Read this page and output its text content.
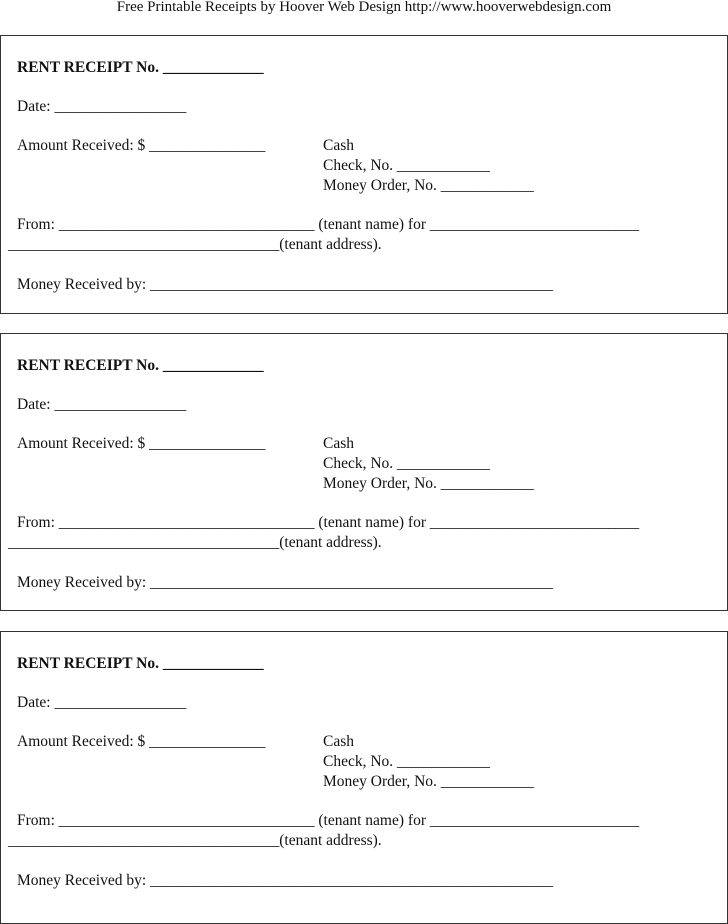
Free Printable Receipts by Hoover Web Design http://www.hooverwebdesign.com
RENT RECEIPT No. _____________
Date: _________________
Amount Received: $ _______________	Cash
Check, No. ____________
Money Order, No. ____________
From: _________________________________ (tenant name) for ___________________________
___________________________________(tenant address).
Money Received by: ____________________________________________________
RENT RECEIPT No. _____________
Date: _________________
Amount Received: $ _______________	Cash
Check, No. ____________
Money Order, No. ____________
From: _________________________________ (tenant name) for ___________________________
___________________________________(tenant address).
Money Received by: ____________________________________________________
RENT RECEIPT No. _____________
Date: _________________
Amount Received: $ _______________	Cash
Check, No. ____________
Money Order, No. ____________
From: _________________________________ (tenant name) for ___________________________
___________________________________(tenant address).
Money Received by: ____________________________________________________
